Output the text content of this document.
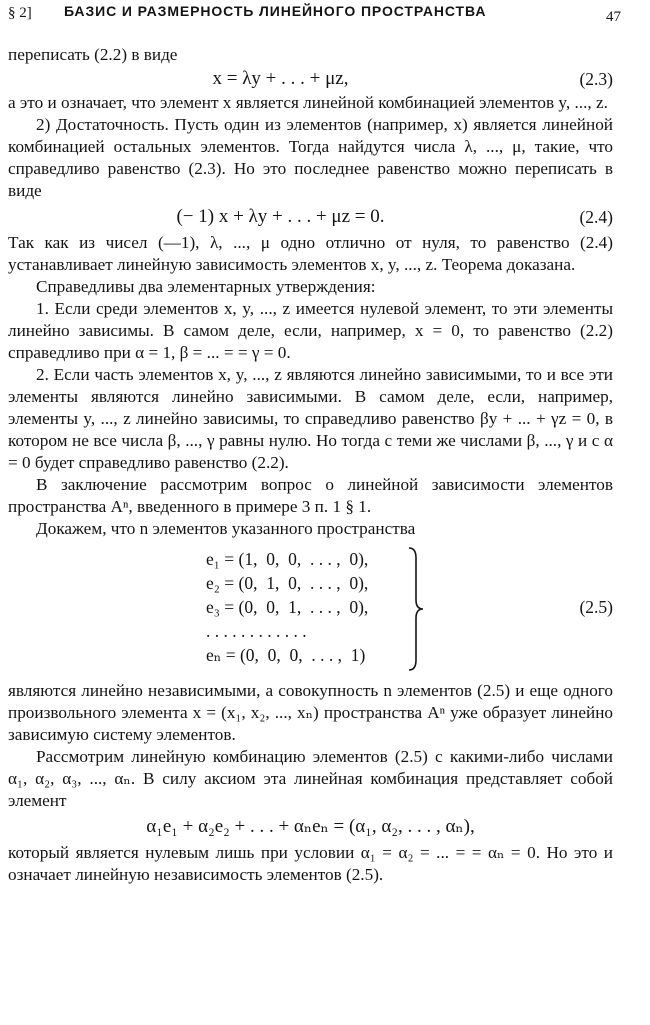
§ 2] БАЗИС И РАЗМЕРНОСТЬ ЛИНЕЙНОГО ПРОСТРАНСТВА	47

переписать (2.2) в виде

x = λy + . . . + μz,	(2.3)

а это и означает, что элемент x является линейной комбинацией элементов y, ..., z.

2) Достаточность. Пусть один из элементов (например, x) является линейной комбинацией остальных элементов. Тогда найдутся числа λ, ..., μ, такие, что справедливо равенство (2.3). Но это последнее равенство можно переписать в виде

(− 1) x + λy + . . . + μz = 0.	(2.4)

Так как из чисел (—1), λ, ..., μ одно отлично от нуля, то равенство (2.4) устанавливает линейную зависимость элементов x, y, ..., z. Теорема доказана.

Справедливы два элементарных утверждения:

1. Если среди элементов x, y, ..., z имеется нулевой элемент, то эти элементы линейно зависимы. В самом деле, если, например, x = 0, то равенство (2.2) справедливо при α = 1, β = ... = = γ = 0.

2. Если часть элементов x, y, ..., z являются линейно зависимыми, то и все эти элементы являются линейно зависимыми. В самом деле, если, например, элементы y, ..., z линейно зависимы, то справедливо равенство βy + ... + γz = 0, в котором не все числа β, ..., γ равны нулю. Но тогда с теми же числами β, ..., γ и с α = 0 будет справедливо равенство (2.2).

В заключение рассмотрим вопрос о линейной зависимости элементов пространства Aⁿ, введенного в примере 3 п. 1 § 1.

Докажем, что n элементов указанного пространства

e₁ = (1,  0,  0,  . . . ,  0),
e₂ = (0,  1,  0,  . . . ,  0),
e₃ = (0,  0,  1,  . . . ,  0),
. . . . . . . . . . . .
eₙ = (0,  0,  0,  . . . ,  1)
(2.5)

являются линейно независимыми, а совокупность n элементов (2.5) и еще одного произвольного элемента x = (x₁, x₂, ..., xₙ) пространства Aⁿ уже образует линейно зависимую систему элементов.

Рассмотрим линейную комбинацию элементов (2.5) с какими-либо числами α₁, α₂, α₃, ..., αₙ. В силу аксиом эта линейная комбинация представляет собой элемент

α₁e₁ + α₂e₂ + . . . + αₙeₙ = (α₁, α₂, . . . , αₙ),

который является нулевым лишь при условии α₁ = α₂ = ... = = αₙ = 0. Но это и означает линейную независимость элементов (2.5).
